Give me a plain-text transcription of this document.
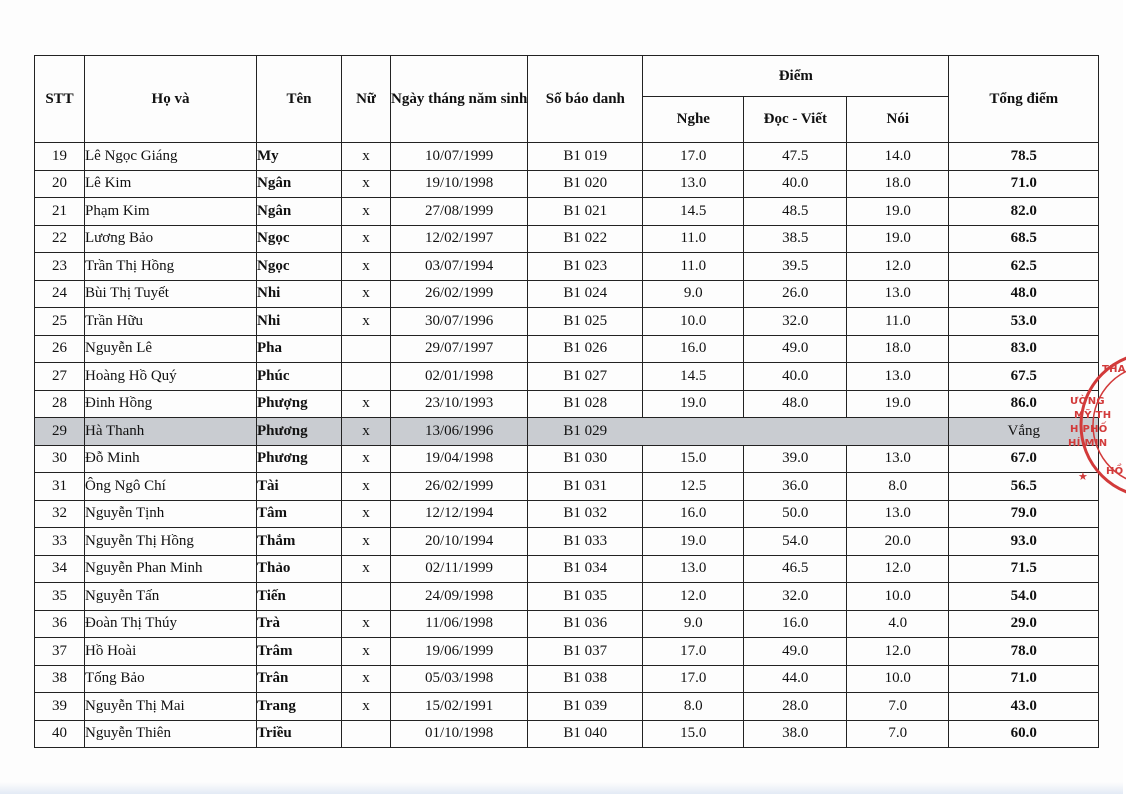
STT	Họ và	Tên	Nữ	Ngày tháng năm sinh	Số báo danh	Điểm			Tổng điểm
						Nghe	Đọc - Viết	Nói	
19	Lê Ngọc Giáng	My	x	10/07/1999	B1 019	17.0	47.5	14.0	78.5
20	Lê Kim	Ngân	x	19/10/1998	B1 020	13.0	40.0	18.0	71.0
21	Phạm Kim	Ngân	x	27/08/1999	B1 021	14.5	48.5	19.0	82.0
22	Lương Bảo	Ngọc	x	12/02/1997	B1 022	11.0	38.5	19.0	68.5
23	Trần Thị Hồng	Ngọc	x	03/07/1994	B1 023	11.0	39.5	12.0	62.5
24	Bùi Thị Tuyết	Nhi	x	26/02/1999	B1 024	9.0	26.0	13.0	48.0
25	Trần Hữu	Nhi	x	30/07/1996	B1 025	10.0	32.0	11.0	53.0
26	Nguyễn Lê	Pha		29/07/1997	B1 026	16.0	49.0	18.0	83.0
27	Hoàng Hồ Quý	Phúc		02/01/1998	B1 027	14.5	40.0	13.0	67.5
28	Đinh Hồng	Phượng	x	23/10/1993	B1 028	19.0	48.0	19.0	86.0
29	Hà Thanh	Phương	x	13/06/1996	B1 029				Vắng
30	Đỗ Minh	Phương	x	19/04/1998	B1 030	15.0	39.0	13.0	67.0
31	Ông Ngô Chí	Tài	x	26/02/1999	B1 031	12.5	36.0	8.0	56.5
32	Nguyễn Tịnh	Tâm	x	12/12/1994	B1 032	16.0	50.0	13.0	79.0
33	Nguyễn Thị Hồng	Thắm	x	20/10/1994	B1 033	19.0	54.0	20.0	93.0
34	Nguyễn Phan Minh	Thảo	x	02/11/1999	B1 034	13.0	46.5	12.0	71.5
35	Nguyễn Tấn	Tiến		24/09/1998	B1 035	12.0	32.0	10.0	54.0
36	Đoàn Thị Thúy	Trà	x	11/06/1998	B1 036	9.0	16.0	4.0	29.0
37	Hồ Hoài	Trâm	x	19/06/1999	B1 037	17.0	49.0	12.0	78.0
38	Tống Bảo	Trân	x	05/03/1998	B1 038	17.0	44.0	10.0	71.0
39	Nguyễn Thị Mai	Trang	x	15/02/1991	B1 039	8.0	28.0	7.0	43.0
40	Nguyễn Thiên	Triều		01/10/1998	B1 040	15.0	38.0	7.0	60.0
★
THA
ƯỜNG
MỸ TH
H PHỐ
HÍ MIN
HỒ
